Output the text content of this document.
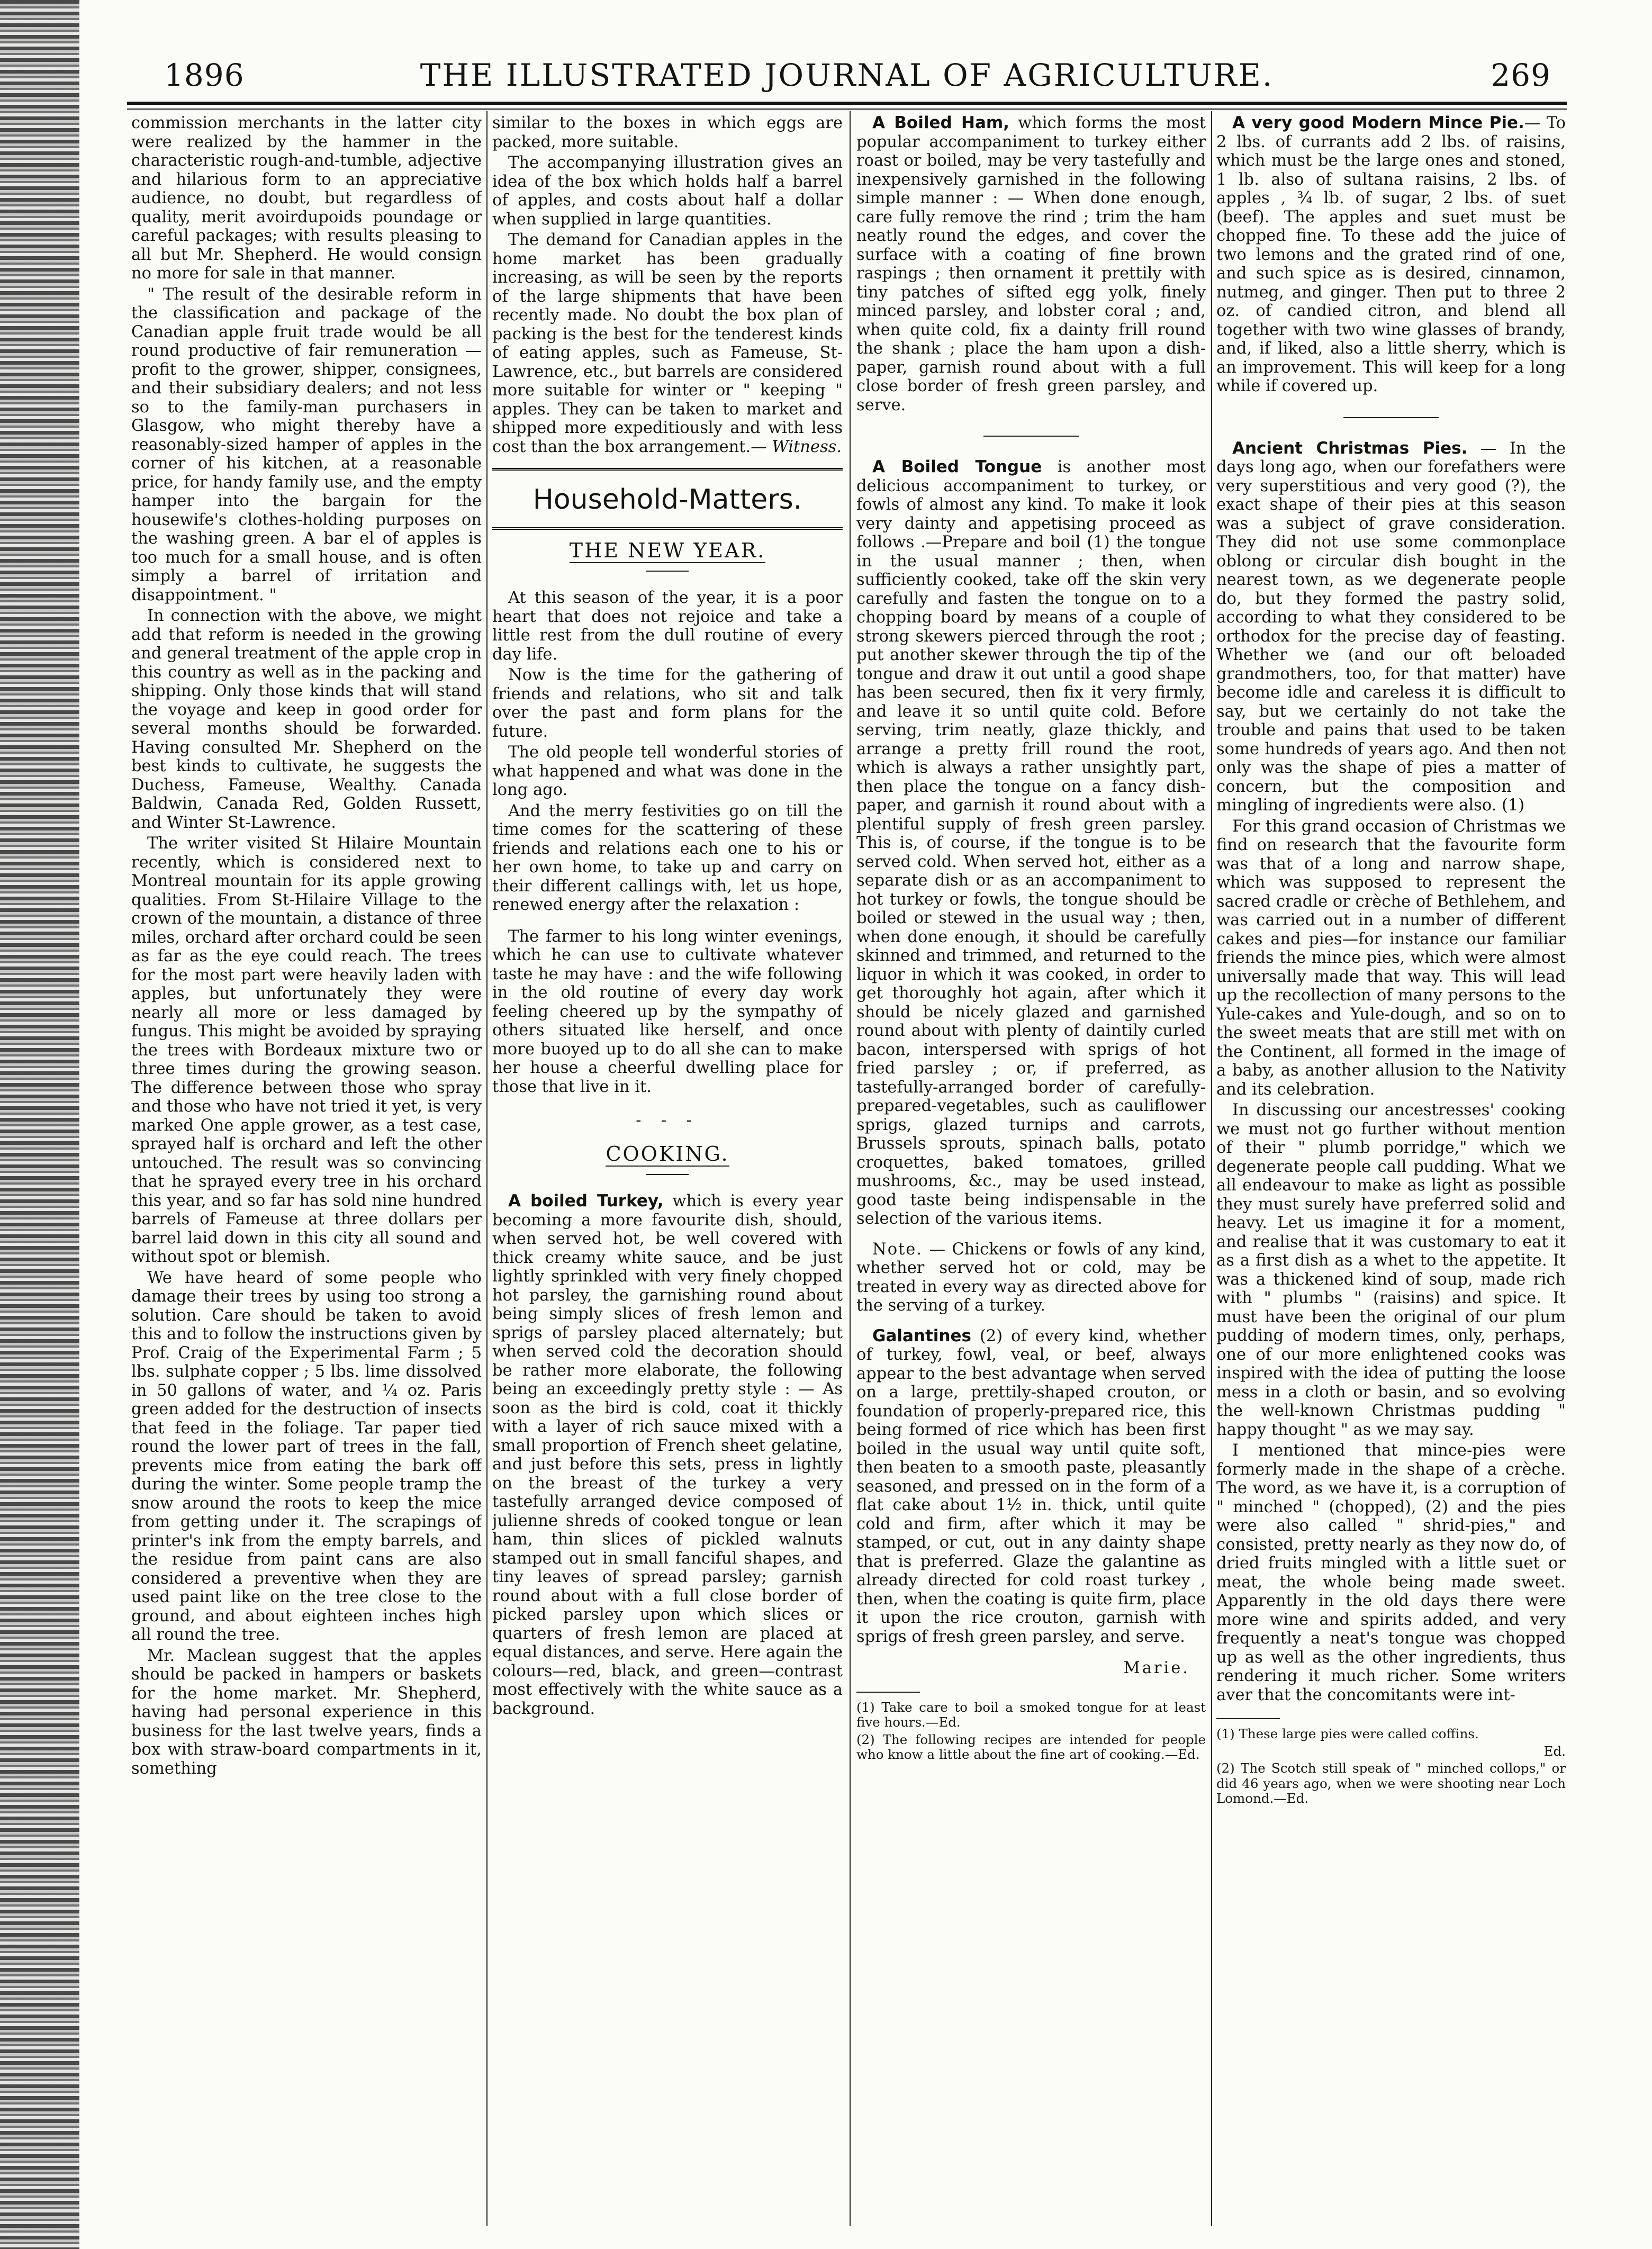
1896	THE ILLUSTRATED JOURNAL OF AGRICULTURE.	269

commission merchants in the latter city were realized by the hammer in the characteristic rough-and-tumble, adjective and hilarious form to an appreciative audience, no doubt, but regardless of quality, merit avoirdupoids poundage or careful packages; with results pleasing to all but Mr. Shepherd. He would consign no more for sale in that manner.

" The result of the desirable reform in the classification and package of the Canadian apple fruit trade would be all round productive of fair remuneration — profit to the grower, shipper, consignees, and their subsidiary dealers; and not less so to the family-man purchasers in Glasgow, who might thereby have a reasonably-sized hamper of apples in the corner of his kitchen, at a reasonable price, for handy family use, and the empty hamper into the bargain for the housewife's clothes-holding purposes on the washing green. A bar el of apples is too much for a small house, and is often simply a barrel of irritation and disappointment. "

In connection with the above, we might add that reform is needed in the growing and general treatment of the apple crop in this country as well as in the packing and shipping. Only those kinds that will stand the voyage and keep in good order for several months should be forwarded. Having consulted Mr. Shepherd on the best kinds to cultivate, he suggests the Duchess, Fameuse, Wealthy. Canada Baldwin, Canada Red, Golden Russett, and Winter St-Lawrence.

The writer visited St Hilaire Mountain recently, which is considered next to Montreal mountain for its apple growing qualities. From St-Hilaire Village to the crown of the mountain, a distance of three miles, orchard after orchard could be seen as far as the eye could reach. The trees for the most part were heavily laden with apples, but unfortunately they were nearly all more or less damaged by fungus. This might be avoided by spraying the trees with Bordeaux mixture two or three times during the growing season. The difference between those who spray and those who have not tried it yet, is very marked One apple grower, as a test case, sprayed half is orchard and left the other untouched. The result was so convincing that he sprayed every tree in his orchard this year, and so far has sold nine hundred barrels of Fameuse at three dollars per barrel laid down in this city all sound and without spot or blemish.

We have heard of some people who damage their trees by using too strong a solution. Care should be taken to avoid this and to follow the instructions given by Prof. Craig of the Experimental Farm ; 5 lbs. sulphate copper ; 5 lbs. lime dissolved in 50 gallons of water, and ¼ oz. Paris green added for the destruction of insects that feed in the foliage. Tar paper tied round the lower part of trees in the fall, prevents mice from eating the bark off during the winter. Some people tramp the snow around the roots to keep the mice from getting under it. The scrapings of printer's ink from the empty barrels, and the residue from paint cans are also considered a preventive when they are used paint like on the tree close to the ground, and about eighteen inches high all round the tree.

Mr. Maclean suggest that the apples should be packed in hampers or baskets for the home market. Mr. Shepherd, having had personal experience in this business for the last twelve years, finds a box with straw-board compartments in it, something

similar to the boxes in which eggs are packed, more suitable.

The accompanying illustration gives an idea of the box which holds half a barrel of apples, and costs about half a dollar when supplied in large quantities.

The demand for Canadian apples in the home market has been gradually increasing, as will be seen by the reports of the large shipments that have been recently made. No doubt the box plan of packing is the best for the tenderest kinds of eating apples, such as Fameuse, St-Lawrence, etc., but barrels are considered more suitable for winter or " keeping " apples. They can be taken to market and shipped more expeditiously and with less cost than the box arrangement.— Witness.

Household-Matters.
THE NEW YEAR.

At this season of the year, it is a poor heart that does not rejoice and take a little rest from the dull routine of every day life.

Now is the time for the gathering of friends and relations, who sit and talk over the past and form plans for the future.

The old people tell wonderful stories of what happened and what was done in the long ago.

And the merry festivities go on till the time comes for the scattering of these friends and relations each one to his or her own home, to take up and carry on their different callings with, let us hope, renewed energy after the relaxation :

The farmer to his long winter evenings, which he can use to cultivate whatever taste he may have : and the wife following in the old routine of every day work feeling cheered up by the sympathy of others situated like herself, and once more buoyed up to do all she can to make her house a cheerful dwelling place for those that live in it.

- - -
COOKING.

A boiled Turkey, which is every year becoming a more favourite dish, should, when served hot, be well covered with thick creamy white sauce, and be just lightly sprinkled with very finely chopped hot parsley, the garnishing round about being simply slices of fresh lemon and sprigs of parsley placed alternately; but when served cold the decoration should be rather more elaborate, the following being an exceedingly pretty style : — As soon as the bird is cold, coat it thickly with a layer of rich sauce mixed with a small proportion of French sheet gelatine, and just before this sets, press in lightly on the breast of the turkey a very tastefully arranged device composed of julienne shreds of cooked tongue or lean ham, thin slices of pickled walnuts stamped out in small fanciful shapes, and tiny leaves of spread parsley; garnish round about with a full close border of picked parsley upon which slices or quarters of fresh lemon are placed at equal distances, and serve. Here again the colours—red, black, and green—contrast most effectively with the white sauce as a background.

A Boiled Ham, which forms the most popular accompaniment to turkey either roast or boiled, may be very tastefully and inexpensively garnished in the following simple manner : — When done enough, care fully remove the rind ; trim the ham neatly round the edges, and cover the surface with a coating of fine brown raspings ; then ornament it prettily with tiny patches of sifted egg yolk, finely minced parsley, and lobster coral ; and, when quite cold, fix a dainty frill round the shank ; place the ham upon a dish-paper, garnish round about with a full close border of fresh green parsley, and serve.

A Boiled Tongue is another most delicious accompaniment to turkey, or fowls of almost any kind. To make it look very dainty and appetising proceed as follows .—Prepare and boil (1) the tongue in the usual manner ; then, when sufficiently cooked, take off the skin very carefully and fasten the tongue on to a chopping board by means of a couple of strong skewers pierced through the root ; put another skewer through the tip of the tongue and draw it out until a good shape has been secured, then fix it very firmly, and leave it so until quite cold. Before serving, trim neatly, glaze thickly, and arrange a pretty frill round the root, which is always a rather unsightly part, then place the tongue on a fancy dish-paper, and garnish it round about with a plentiful supply of fresh green parsley. This is, of course, if the tongue is to be served cold. When served hot, either as a separate dish or as an accompaniment to hot turkey or fowls, the tongue should be boiled or stewed in the usual way ; then, when done enough, it should be carefully skinned and trimmed, and returned to the liquor in which it was cooked, in order to get thoroughly hot again, after which it should be nicely glazed and garnished round about with plenty of daintily curled bacon, interspersed with sprigs of hot fried parsley ; or, if preferred, as tastefully-arranged border of carefully-prepared-vegetables, such as cauliflower sprigs, glazed turnips and carrots, Brussels sprouts, spinach balls, potato croquettes, baked tomatoes, grilled mushrooms, &c., may be used instead, good taste being indispensable in the selection of the various items.

Note. — Chickens or fowls of any kind, whether served hot or cold, may be treated in every way as directed above for the serving of a turkey.

Galantines (2) of every kind, whether of turkey, fowl, veal, or beef, always appear to the best advantage when served on a large, prettily-shaped crouton, or foundation of properly-prepared rice, this being formed of rice which has been first boiled in the usual way until quite soft, then beaten to a smooth paste, pleasantly seasoned, and pressed on in the form of a flat cake about 1½ in. thick, until quite cold and firm, after which it may be stamped, or cut, out in any dainty shape that is preferred. Glaze the galantine as already directed for cold roast turkey , then, when the coating is quite firm, place it upon the rice crouton, garnish with sprigs of fresh green parsley, and serve.

Marie.

(1) Take care to boil a smoked tongue for at least five hours.—Ed.

(2) The following recipes are intended for people who know a little about the fine art of cooking.—Ed.

A very good Modern Mince Pie.— To 2 lbs. of currants add 2 lbs. of raisins, which must be the large ones and stoned, 1 lb. also of sultana raisins, 2 lbs. of apples , ¾ lb. of sugar, 2 lbs. of suet (beef). The apples and suet must be chopped fine. To these add the juice of two lemons and the grated rind of one, and such spice as is desired, cinnamon, nutmeg, and ginger. Then put to three 2 oz. of candied citron, and blend all together with two wine glasses of brandy, and, if liked, also a little sherry, which is an improvement. This will keep for a long while if covered up.

Ancient Christmas Pies. — In the days long ago, when our forefathers were very superstitious and very good (?), the exact shape of their pies at this season was a subject of grave consideration. They did not use some commonplace oblong or circular dish bought in the nearest town, as we degenerate people do, but they formed the pastry solid, according to what they considered to be orthodox for the precise day of feasting. Whether we (and our oft beloaded grandmothers, too, for that matter) have become idle and careless it is difficult to say, but we certainly do not take the trouble and pains that used to be taken some hundreds of years ago. And then not only was the shape of pies a matter of concern, but the composition and mingling of ingredients were also. (1)

For this grand occasion of Christmas we find on research that the favourite form was that of a long and narrow shape, which was supposed to represent the sacred cradle or crèche of Bethlehem, and was carried out in a number of different cakes and pies—for instance our familiar friends the mince pies, which were almost universally made that way. This will lead up the recollection of many persons to the Yule-cakes and Yule-dough, and so on to the sweet meats that are still met with on the Continent, all formed in the image of a baby, as another allusion to the Nativity and its celebration.

In discussing our ancestresses' cooking we must not go further without mention of their " plumb porridge," which we degenerate people call pudding. What we all endeavour to make as light as possible they must surely have preferred solid and heavy. Let us imagine it for a moment, and realise that it was customary to eat it as a first dish as a whet to the appetite. It was a thickened kind of soup, made rich with " plumbs " (raisins) and spice. It must have been the original of our plum pudding of modern times, only, perhaps, one of our more enlightened cooks was inspired with the idea of putting the loose mess in a cloth or basin, and so evolving the well-known Christmas pudding " happy thought " as we may say.

I mentioned that mince-pies were formerly made in the shape of a crèche. The word, as we have it, is a corruption of " minched " (chopped), (2) and the pies were also called " shrid-pies," and consisted, pretty nearly as they now do, of dried fruits mingled with a little suet or meat, the whole being made sweet. Apparently in the old days there were more wine and spirits added, and very frequently a neat's tongue was chopped up as well as the other ingredients, thus rendering it much richer. Some writers aver that the concomitants were int-

(1) These large pies were called coffins.

Ed.

(2) The Scotch still speak of " minched collops," or did 46 years ago, when we were shooting near Loch Lomond.—Ed.
